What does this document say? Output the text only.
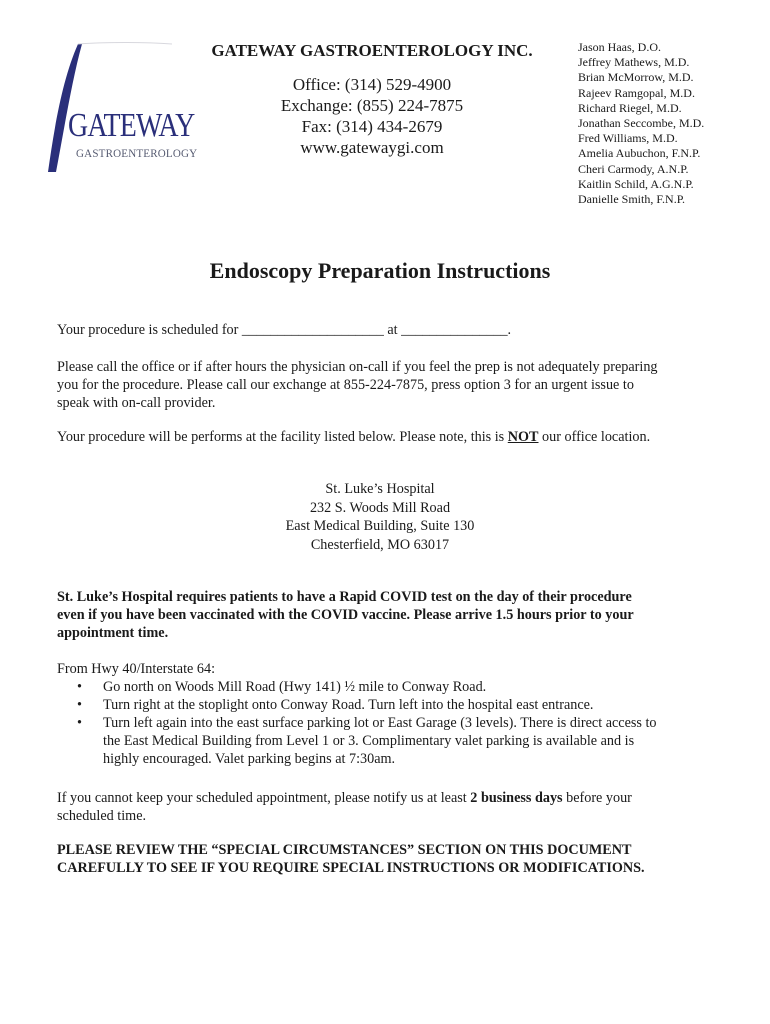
GATEWAY
GASTROENTEROLOGY
GATEWAY GASTROENTEROLOGY INC.
Office: (314) 529-4900
Exchange: (855) 224-7875
Fax: (314) 434-2679
www.gatewaygi.com
Jason Haas, D.O.
Jeffrey Mathews, M.D.
Brian McMorrow, M.D.
Rajeev Ramgopal, M.D.
Richard Riegel, M.D.
Jonathan Seccombe, M.D.
Fred Williams, M.D.
Amelia Aubuchon, F.N.P.
Cheri Carmody, A.N.P.
Kaitlin Schild, A.G.N.P.
Danielle Smith, F.N.P.
Endoscopy Preparation Instructions
Your procedure is scheduled for ____________________ at _______________.
Please call the office or if after hours the physician on-call if you feel the prep is not adequately preparing
you for the procedure. Please call our exchange at 855-224-7875, press option 3 for an urgent issue to
speak with on-call provider.
Your procedure will be performs at the facility listed below. Please note, this is NOT our office location.
St. Luke’s Hospital
232 S. Woods Mill Road
East Medical Building, Suite 130
Chesterfield, MO 63017
St. Luke’s Hospital requires patients to have a Rapid COVID test on the day of their procedure
even if you have been vaccinated with the COVID vaccine. Please arrive 1.5 hours prior to your
appointment time.
From Hwy 40/Interstate 64:
• Go north on Woods Mill Road (Hwy 141) ½ mile to Conway Road.
• Turn right at the stoplight onto Conway Road. Turn left into the hospital east entrance.
• Turn left again into the east surface parking lot or East Garage (3 levels). There is direct access to
the East Medical Building from Level 1 or 3. Complimentary valet parking is available and is
highly encouraged. Valet parking begins at 7:30am.
If you cannot keep your scheduled appointment, please notify us at least 2 business days before your
scheduled time.
PLEASE REVIEW THE “SPECIAL CIRCUMSTANCES” SECTION ON THIS DOCUMENT
CAREFULLY TO SEE IF YOU REQUIRE SPECIAL INSTRUCTIONS OR MODIFICATIONS.
